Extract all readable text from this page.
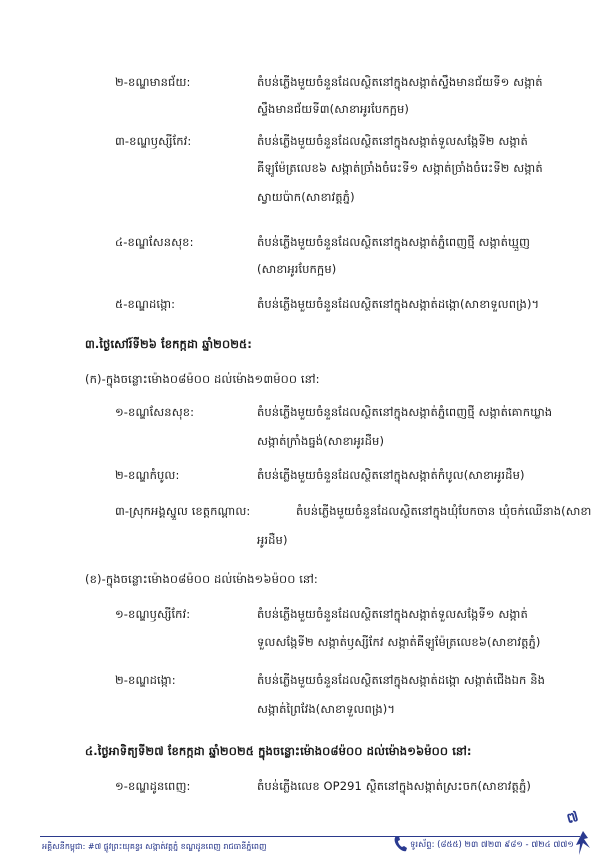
២-ខណ្ឌមានជ័យ:	តំបន់ភ្លើងមួយចំនួនដែលស្ថិតនៅក្នុងសង្កាត់ស្ទឹងមានជ័យទី១ សង្កាត់
ស្ទឹងមានជ័យទី៣(សាខាអូរបែកក្អម)
៣-ខណ្ឌឫស្សីកែវ:	តំបន់ភ្លើងមួយចំនួនដែលស្ថិតនៅក្នុងសង្កាត់ទួលសង្កែទី២ សង្កាត់
គីឡូម៉ែត្រលេខ៦ សង្កាត់ច្រាំងចំរេះទី១ សង្កាត់ច្រាំងចំរេះទី២ សង្កាត់
ស្វាយប៉ាក(សាខាវត្តភ្នំ)
៤-ខណ្ឌសែនសុខ:	តំបន់ភ្លើងមួយចំនួនដែលស្ថិតនៅក្នុងសង្កាត់ភ្នំពេញថ្មី សង្កាត់ឃ្មួញ
(សាខាអូរបែកក្អម)
៥-ខណ្ឌដង្កោ:	តំបន់ភ្លើងមួយចំនួនដែលស្ថិតនៅក្នុងសង្កាត់ដង្កោ(សាខាទួលពង្រ)។
៣.ថ្ងៃសៅរ៍ទី២៦ ខែកក្កដា ឆ្នាំ២០២៥:
(ក)-ក្នុងចន្លោះម៉ោង០៨ម៉០០ ដល់ម៉ោង១៣ម៉០០ នៅ:
១-ខណ្ឌសែនសុខ:	តំបន់ភ្លើងមួយចំនួនដែលស្ថិតនៅក្នុងសង្កាត់ភ្នំពេញថ្មី សង្កាត់គោកឃ្លាង
សង្កាត់ក្រាំងធ្នង់(សាខាអូរដឺម)
២-ខណ្ឌកំបូល:	តំបន់ភ្លើងមួយចំនួនដែលស្ថិតនៅក្នុងសង្កាត់កំបូល(សាខាអូរដឺម)
៣-ស្រុកអង្គស្នួល ខេត្តកណ្ដាល:	តំបន់ភ្លើងមួយចំនួនដែលស្ថិតនៅក្នុងឃុំបែកចាន ឃុំចក់ឈើនាង(សាខា
អូរដឺម)
(ខ)-ក្នុងចន្លោះម៉ោង០៨ម៉០០ ដល់ម៉ោង១៦ម៉០០ នៅ:
១-ខណ្ឌឫស្សីកែវ:	តំបន់ភ្លើងមួយចំនួនដែលស្ថិតនៅក្នុងសង្កាត់ទួលសង្កែទី១ សង្កាត់
ទួលសង្កែទី២ សង្កាត់ឫស្សីកែវ សង្កាត់គីឡូម៉ែត្រលេខ៦(សាខាវត្តភ្នំ)
២-ខណ្ឌដង្កោ:	តំបន់ភ្លើងមួយចំនួនដែលស្ថិតនៅក្នុងសង្កាត់ដង្កោ សង្កាត់ជើងឯក និង
សង្កាត់ព្រៃវែង(សាខាទួលពង្រ)។
៤.ថ្ងៃអាទិត្យទី២៧ ខែកក្កដា ឆ្នាំ២០២៥ ក្នុងចន្លោះម៉ោង០៨ម៉០០ ដល់ម៉ោង១៦ម៉០០ នៅ:
១-ខណ្ឌដូនពេញ:	តំបន់ភ្លើងលេខ OP291 ស្ថិតនៅក្នុងសង្កាត់ស្រះចក(សាខាវត្តភ្នំ)
៧
អគ្គិសនីកម្ពុជា: #៧ ផ្លូវព្រះយុគន្ធរ សង្កាត់វត្តភ្នំ ខណ្ឌដូនពេញ រាជធានីភ្នំពេញ	ទូរស័ព្ទ: (៨៥៥) ២៣ ៧២៣ ៩៨១ - ៧២៤ ៧៧១
